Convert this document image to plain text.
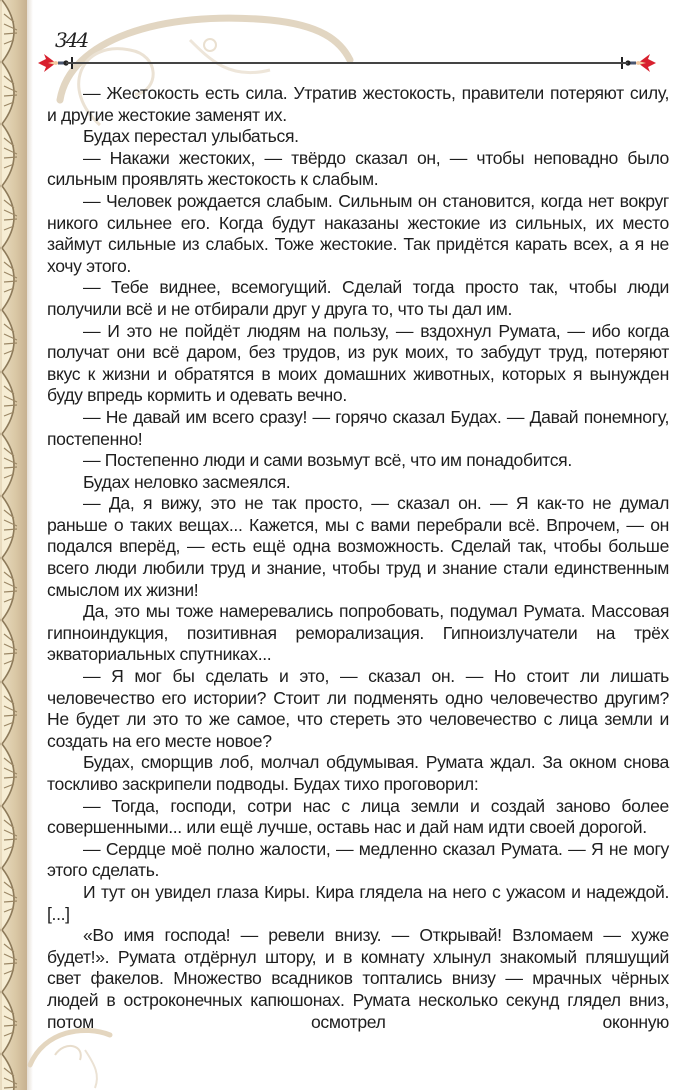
344

— Жестокость есть сила. Утратив жестокость, правители потеряют силу, и другие жестокие заменят их.

Будах перестал улыбаться.

— Накажи жестоких, — твёрдо сказал он, — чтобы неповадно было сильным проявлять жестокость к слабым.

— Человек рождается слабым. Сильным он становится, когда нет вокруг никого сильнее его. Когда будут наказаны жестокие из сильных, их место займут сильные из слабых. Тоже жестокие. Так придётся карать всех, а я не хочу этого.

— Тебе виднее, всемогущий. Сделай тогда просто так, чтобы люди получили всё и не отбирали друг у друга то, что ты дал им.

— И это не пойдёт людям на пользу, — вздохнул Румата, — ибо когда получат они всё даром, без трудов, из рук моих, то забудут труд, потеряют вкус к жизни и обратятся в моих домашних животных, которых я вынужден буду впредь кормить и одевать вечно.

— Не давай им всего сразу! — горячо сказал Будах. — Давай понемногу, постепенно!

— Постепенно люди и сами возьмут всё, что им понадобится.

Будах неловко засмеялся.

— Да, я вижу, это не так просто, — сказал он. — Я как-то не думал раньше о таких вещах... Кажется, мы с вами перебрали всё. Впрочем, — он подался вперёд, — есть ещё одна возможность. Сделай так, чтобы больше всего люди любили труд и знание, чтобы труд и знание стали единственным смыслом их жизни!

Да, это мы тоже намеревались попробовать, подумал Румата. Массовая гипноиндукция, позитивная реморализация. Гипноизлучатели на трёх экваториальных спутниках...

— Я мог бы сделать и это, — сказал он. — Но стоит ли лишать человечество его истории? Стоит ли подменять одно человечество другим? Не будет ли это то же самое, что стереть это человечество с лица земли и создать на его месте новое?

Будах, сморщив лоб, молчал обдумывая. Румата ждал. За окном снова тоскливо заскрипели подводы. Будах тихо проговорил:

— Тогда, господи, сотри нас с лица земли и создай заново более совершенными... или ещё лучше, оставь нас и дай нам идти своей дорогой.

— Сердце моё полно жалости, — медленно сказал Румата. — Я не могу этого сделать.

И тут он увидел глаза Киры. Кира глядела на него с ужасом и надеждой. [...]

«Во имя господа! — ревели внизу. — Открывай! Взломаем — хуже будет!». Румата отдёрнул штору, и в комнату хлынул знакомый пляшущий свет факелов. Множество всадников топтались внизу — мрачных чёрных людей в остроконечных капюшонах. Румата несколько секунд глядел вниз, потом осмотрел оконную
